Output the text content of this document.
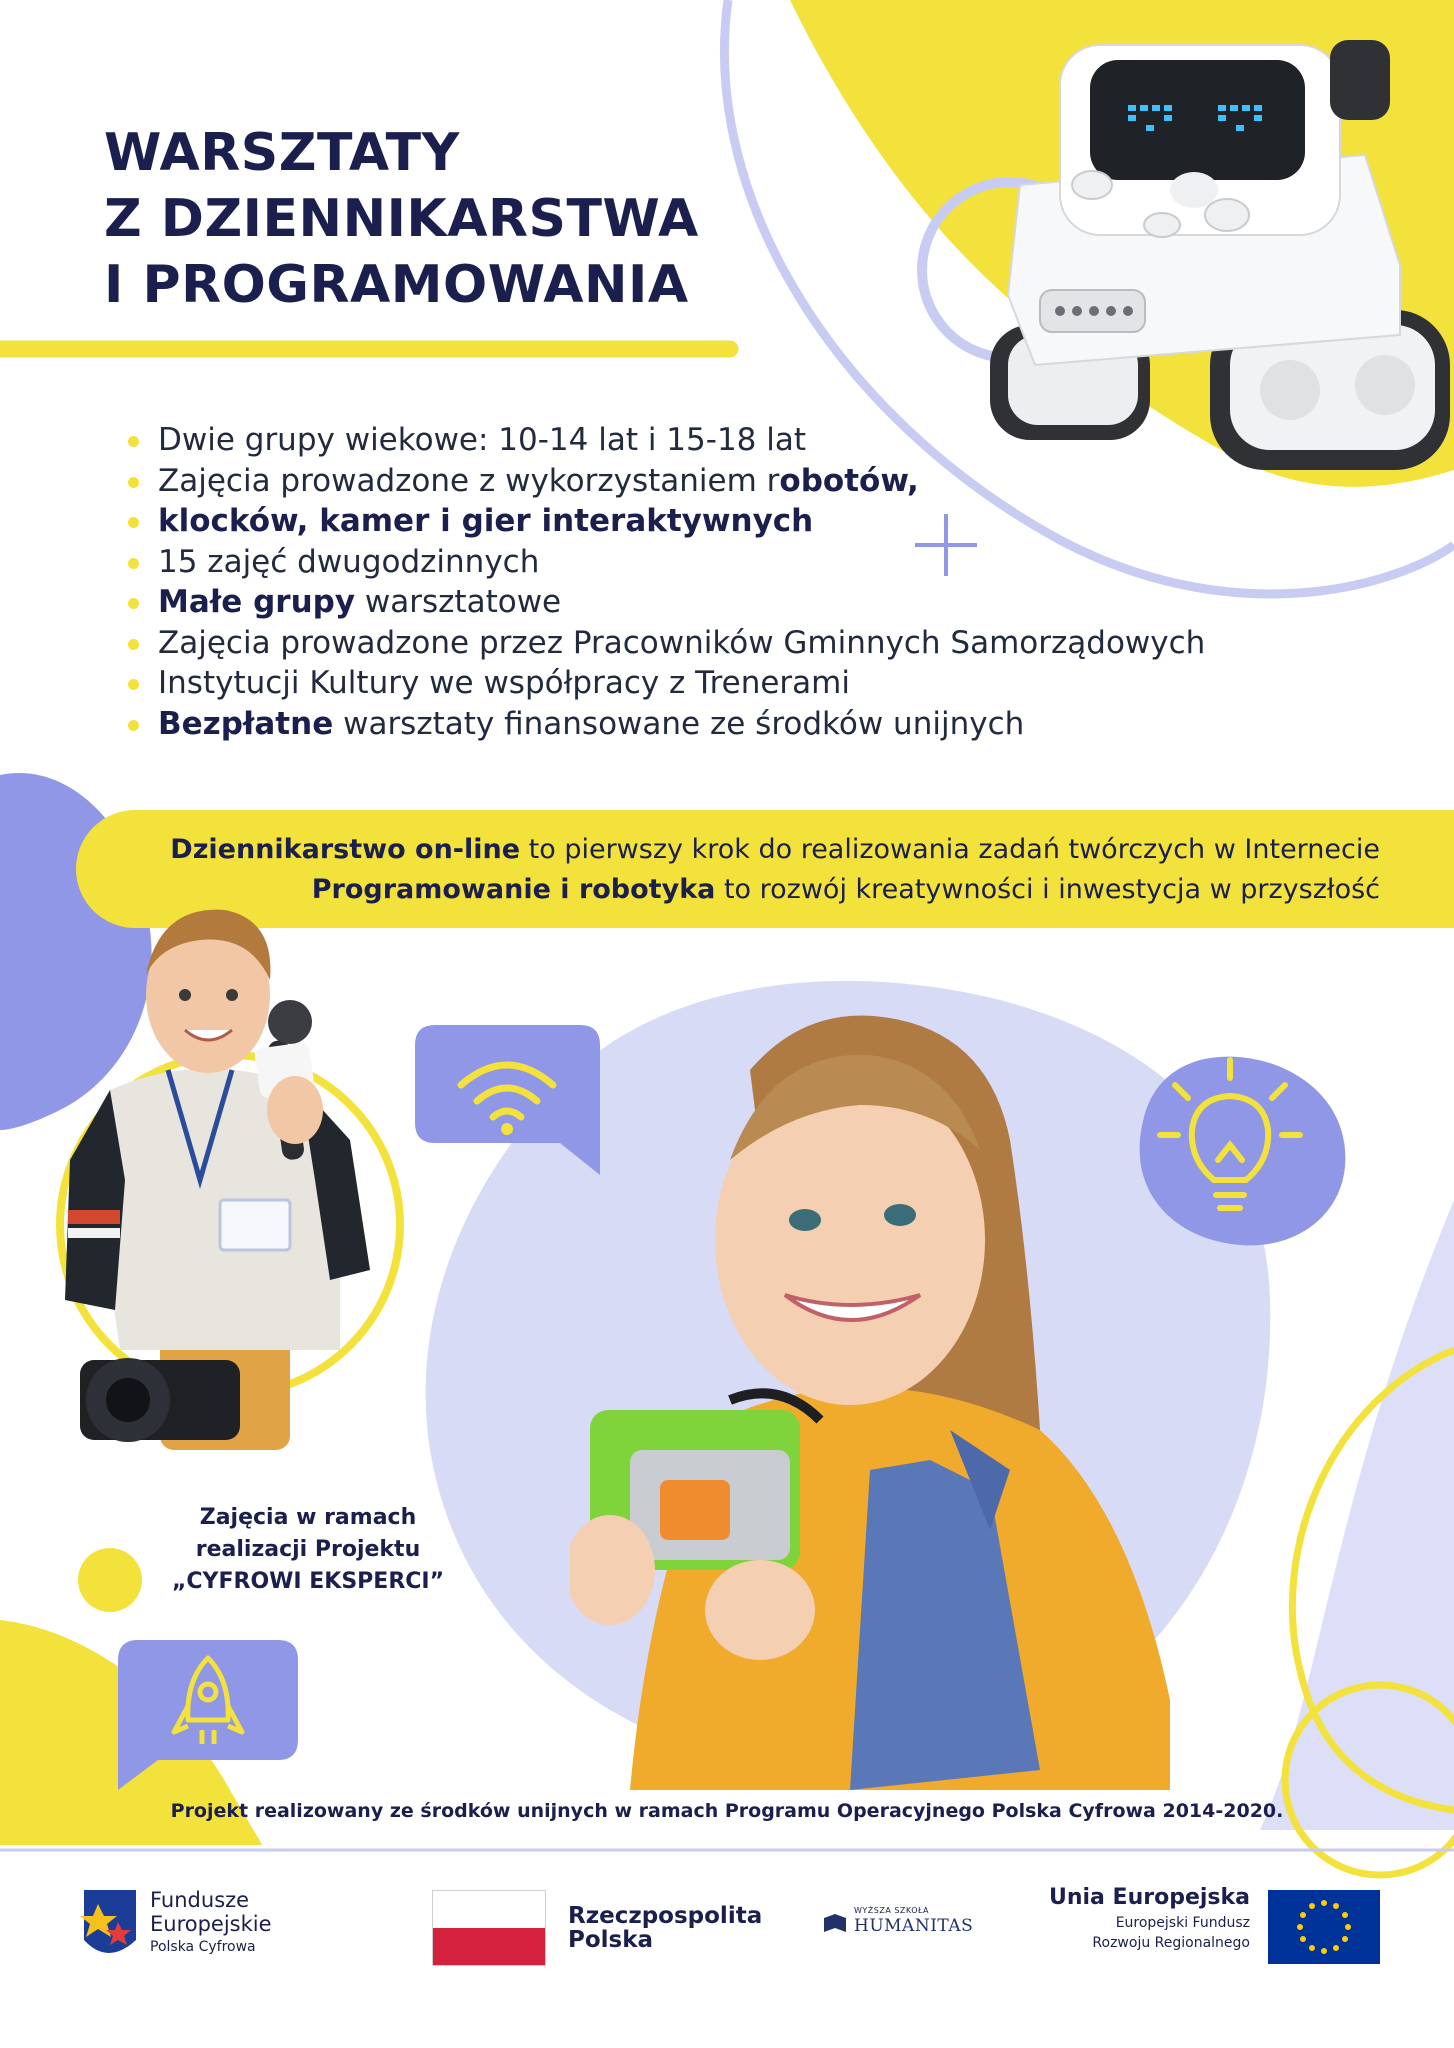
WARSZTATY
Z DZIENNIKARSTWA
I PROGRAMOWANIA
Dwie grupy wiekowe: 10-14 lat i 15-18 lat
Zajęcia prowadzone z wykorzystaniem robotów,
klocków, kamer i gier interaktywnych
15 zajęć dwugodzinnych
Małe grupy warsztatowe
Zajęcia prowadzone przez Pracowników Gminnych Samorządowych
Instytucji Kultury we współpracy z Trenerami
Bezpłatne warsztaty finansowane ze środków unijnych

Dziennikarstwo on-line to pierwszy krok do realizowania zadań twórczych w Internecie

Programowanie i robotyka to rozwój kreatywności i inwestycja w przyszłość

Zajęcia w ramach

realizacji Projektu

„CYFROWI EKSPERCI”

Projekt realizowany ze środków unijnych w ramach Programu Operacyjnego Polska Cyfrowa 2014-2020.
Fundusze
Europejskie
Polska Cyfrowa
Rzeczpospolita
Polska
WYŻSZA SZKOŁA
HUMANITAS
Unia Europejska
Europejski Fundusz
Rozwoju Regionalnego
